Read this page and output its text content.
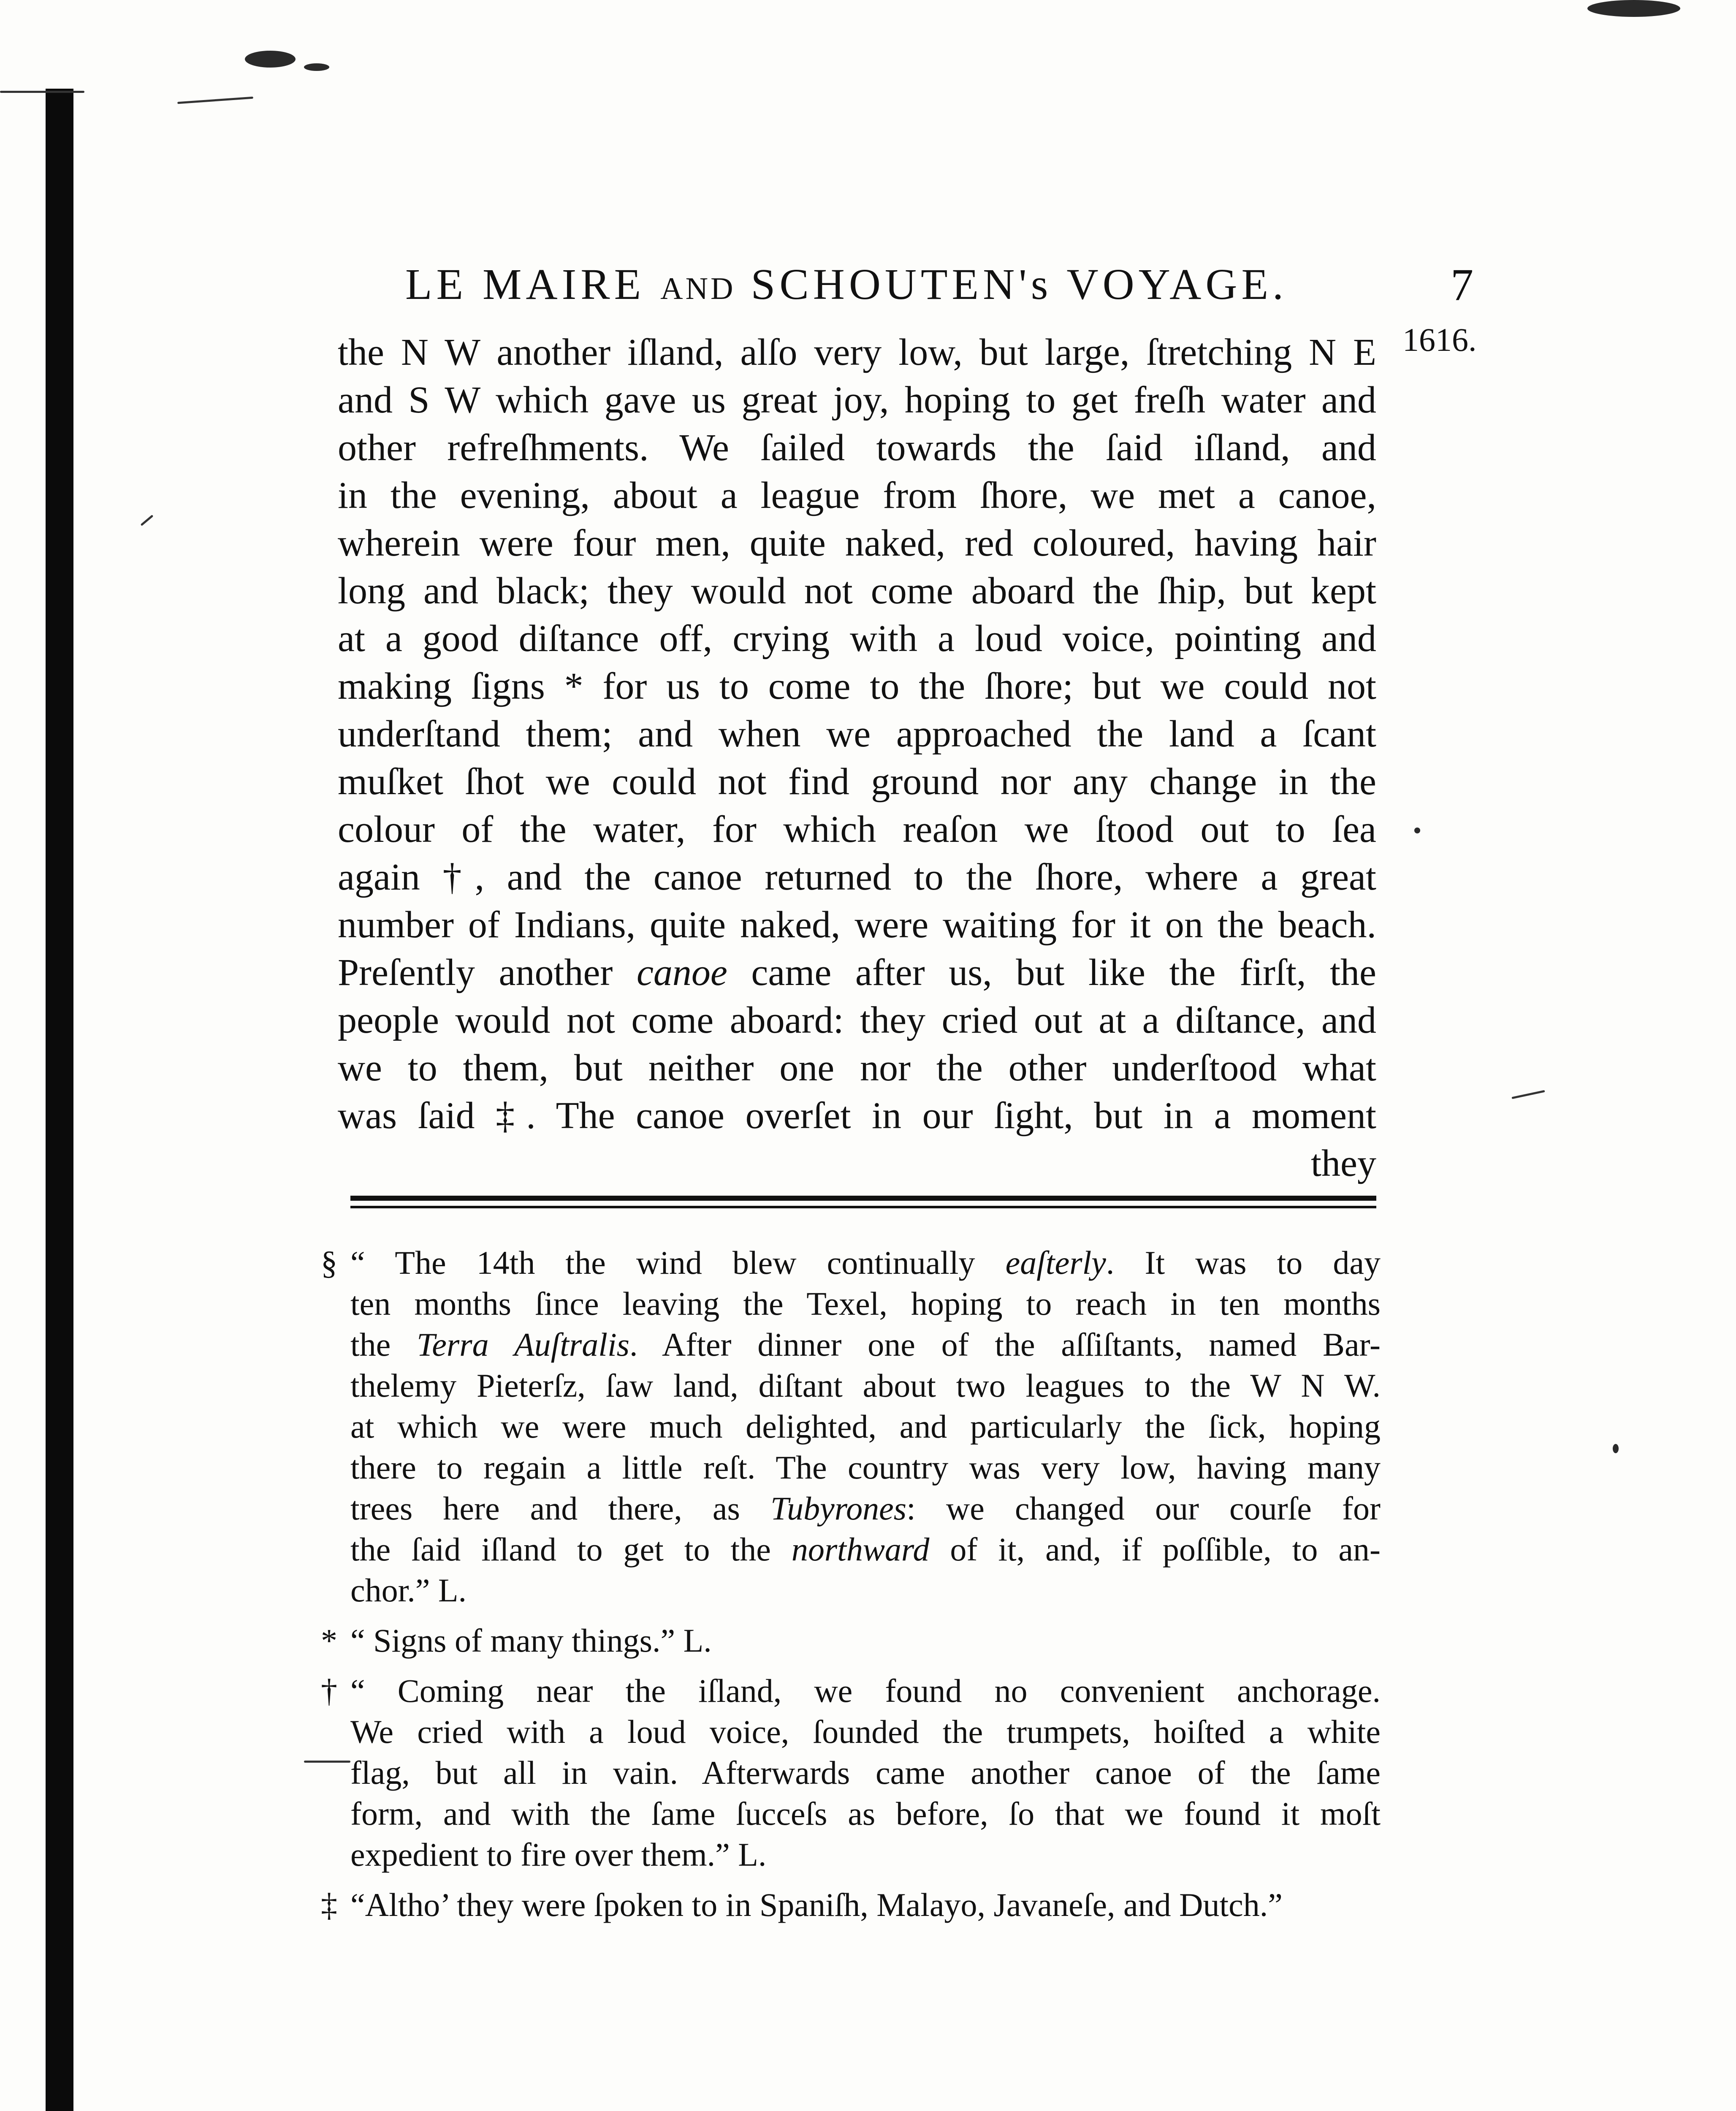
LE MAIRE AND SCHOUTEN's VOYAGE.	7
1616.
the N W another iſland, alſo very low, but large, ſtretching N E
and S W which gave us great joy, hoping to get freſh water and
other refreſhments. We ſailed towards the ſaid iſland, and
in the evening, about a league from ſhore, we met a canoe,
wherein were four men, quite naked, red coloured, having hair
long and black; they would not come aboard the ſhip, but kept
at a good diſtance off, crying with a loud voice, pointing and
making ſigns * for us to come to the ſhore; but we could not
underſtand them; and when we approached the land a ſcant
muſket ſhot we could not find ground nor any change in the
colour of the water, for which reaſon we ſtood out to ſea
again †, and the canoe returned to the ſhore, where a great
number of Indians, quite naked, were waiting for it on the beach.
Preſently another canoe came after us, but like the firſt, the
people would not come aboard: they cried out at a diſtance, and
we to them, but neither one nor the other underſtood what
was ſaid ‡. The canoe overſet in our ſight, but in a moment
they
§ “ The 14th the wind blew continually eaſterly. It was to day
ten months ſince leaving the Texel, hoping to reach in ten months
the Terra Auſtralis. After dinner one of the aſſiſtants, named Bar-
thelemy Pieterſz, ſaw land, diſtant about two leagues to the W N W.
at which we were much delighted, and particularly the ſick, hoping
there to regain a little reſt. The country was very low, having many
trees here and there, as Tubyrones: we changed our courſe for
the ſaid iſland to get to the northward of it, and, if poſſible, to an-
chor.” L.
* “ Signs of many things.” L.
† “ Coming near the iſland, we found no convenient anchorage.
We cried with a loud voice, ſounded the trumpets, hoiſted a white
flag, but all in vain. Afterwards came another canoe of the ſame
form, and with the ſame ſucceſs as before, ſo that we found it moſt
expedient to fire over them.” L.
‡ “Altho’ they were ſpoken to in Spaniſh, Malayo, Javaneſe, and Dutch.”
